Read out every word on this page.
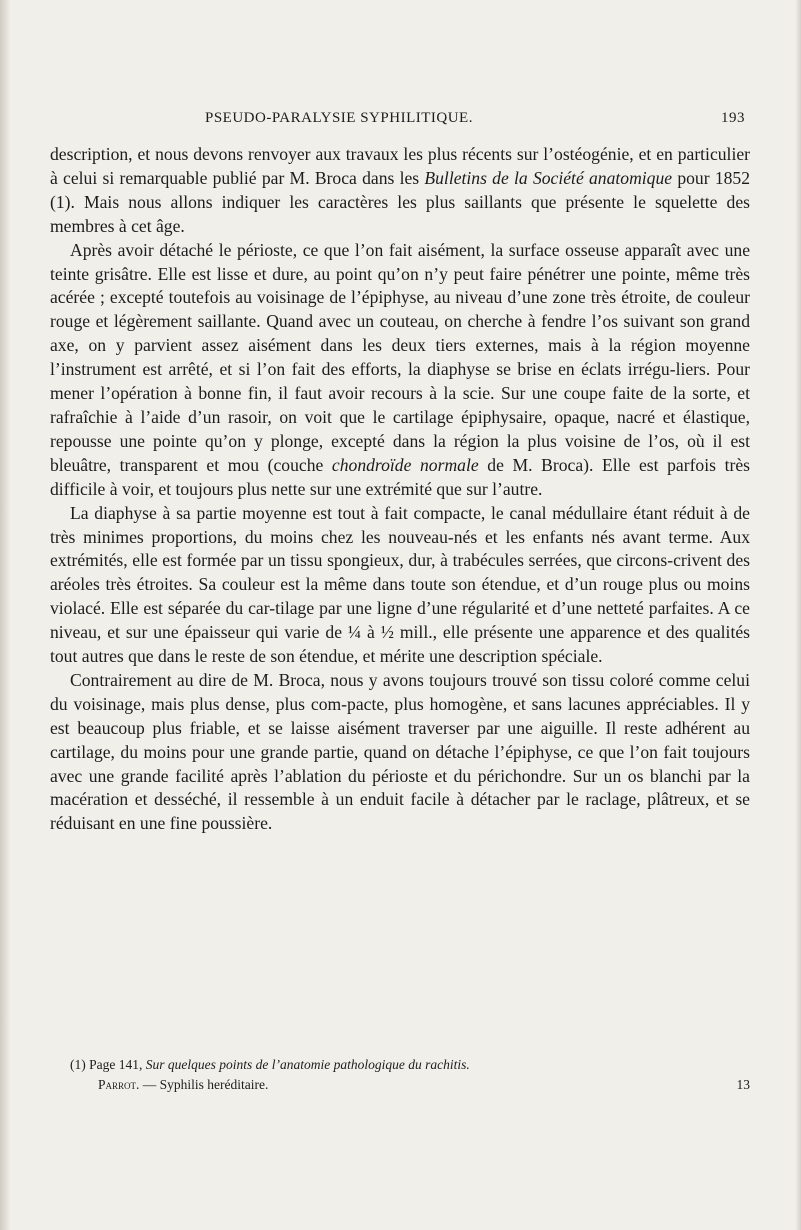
PSEUDO-PARALYSIE SYPHILITIQUE.	193

description, et nous devons renvoyer aux travaux les plus récents sur l’ostéogénie, et en particulier à celui si remarquable publié par M. Broca dans les Bulletins de la Société anatomique pour 1852 (1). Mais nous allons indiquer les caractères les plus saillants que présente le squelette des membres à cet âge.

Après avoir détaché le périoste, ce que l’on fait aisément, la surface osseuse apparaît avec une teinte grisâtre. Elle est lisse et dure, au point qu’on n’y peut faire pénétrer une pointe, même très acérée ; excepté toutefois au voisinage de l’épiphyse, au niveau d’une zone très étroite, de couleur rouge et légèrement saillante. Quand avec un couteau, on cherche à fendre l’os suivant son grand axe, on y parvient assez aisément dans les deux tiers externes, mais à la région moyenne l’instrument est arrêté, et si l’on fait des efforts, la diaphyse se brise en éclats irrégu-liers. Pour mener l’opération à bonne fin, il faut avoir recours à la scie. Sur une coupe faite de la sorte, et rafraîchie à l’aide d’un rasoir, on voit que le cartilage épiphysaire, opaque, nacré et élastique, repousse une pointe qu’on y plonge, excepté dans la région la plus voisine de l’os, où il est bleuâtre, transparent et mou (couche chondroïde normale de M. Broca). Elle est parfois très difficile à voir, et toujours plus nette sur une extrémité que sur l’autre.

La diaphyse à sa partie moyenne est tout à fait compacte, le canal médullaire étant réduit à de très minimes proportions, du moins chez les nouveau-nés et les enfants nés avant terme. Aux extrémités, elle est formée par un tissu spongieux, dur, à trabécules serrées, que circons-crivent des aréoles très étroites. Sa couleur est la même dans toute son étendue, et d’un rouge plus ou moins violacé. Elle est séparée du car-tilage par une ligne d’une régularité et d’une netteté parfaites. A ce niveau, et sur une épaisseur qui varie de ¼ à ½ mill., elle présente une apparence et des qualités tout autres que dans le reste de son étendue, et mérite une description spéciale.

Contrairement au dire de M. Broca, nous y avons toujours trouvé son tissu coloré comme celui du voisinage, mais plus dense, plus com-pacte, plus homogène, et sans lacunes appréciables. Il y est beaucoup plus friable, et se laisse aisément traverser par une aiguille. Il reste adhérent au cartilage, du moins pour une grande partie, quand on détache l’épiphyse, ce que l’on fait toujours avec une grande facilité après l’ablation du périoste et du périchondre. Sur un os blanchi par la macération et desséché, il ressemble à un enduit facile à détacher par le raclage, plâtreux, et se réduisant en une fine poussière.

(1) Page 141, Sur quelques points de l’anatomie pathologique du rachitis.
Parrot. — Syphilis heréditaire.	13
